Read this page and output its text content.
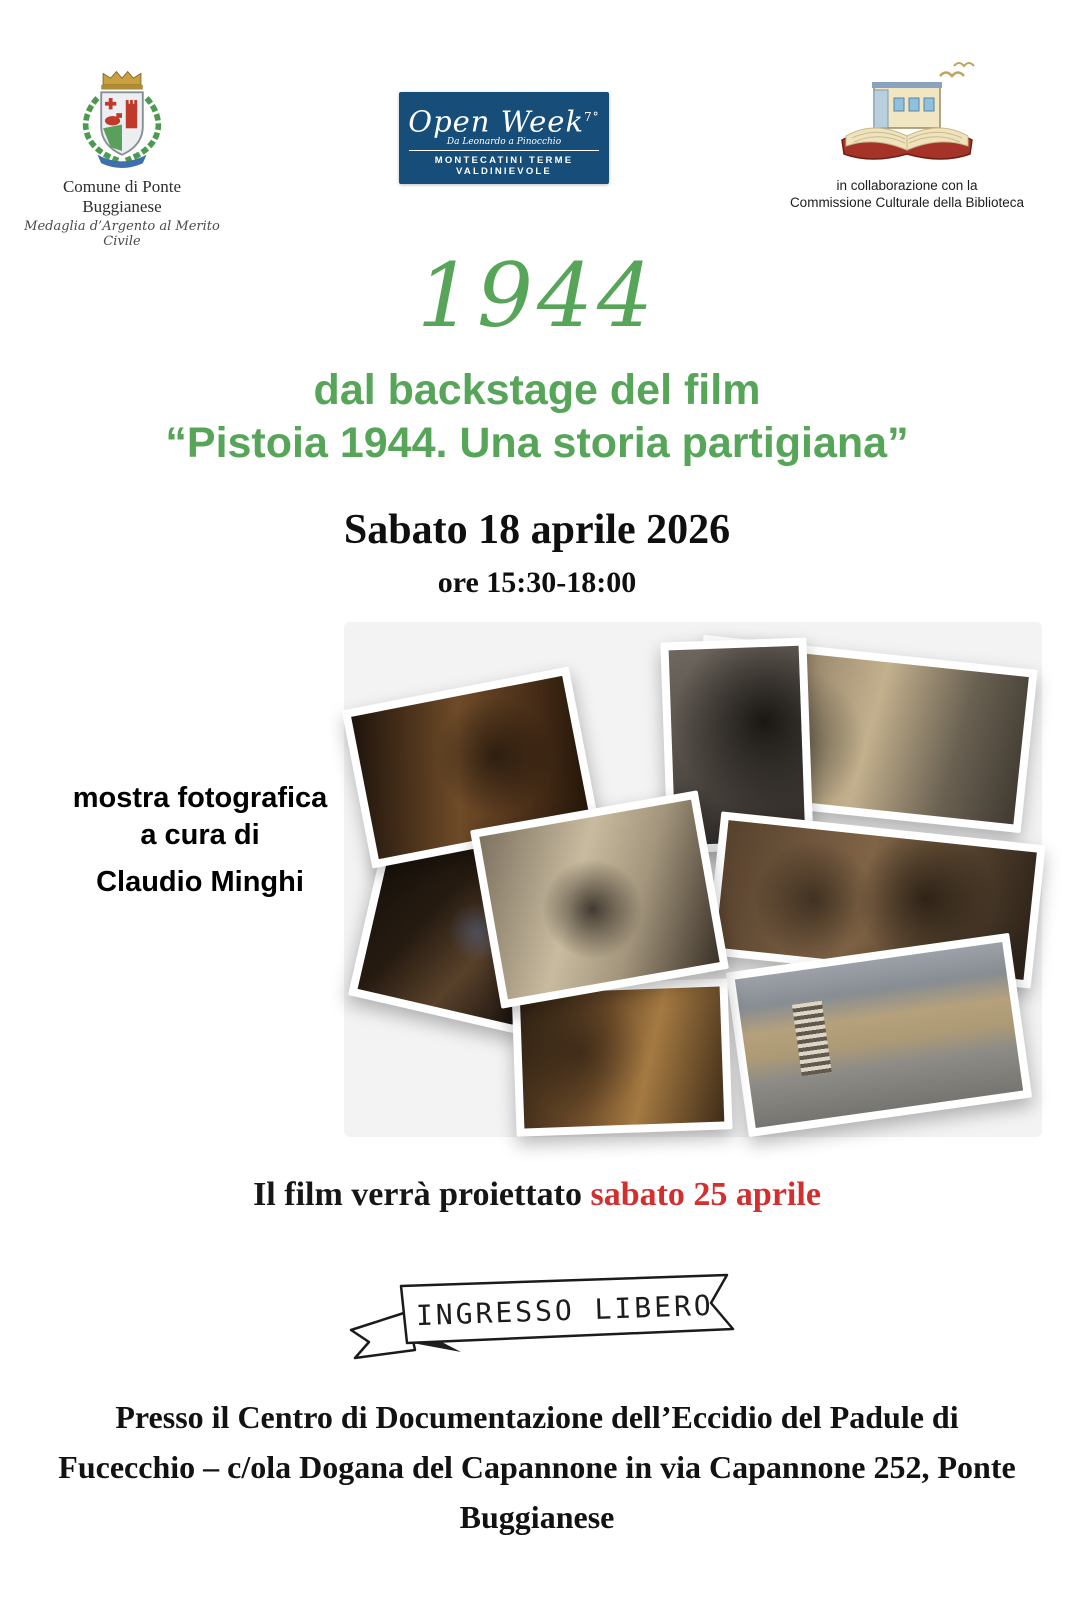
Comune di Ponte Buggianese
Medaglia d’Argento al Merito Civile
Open Week$^{7^\circ}$
Da Leonardo a Pinocchio
MONTECATINI TERME VALDINIEVOLE
in collaborazione con la
Commissione Culturale della Biblioteca
1944
dal backstage del film
“Pistoia 1944. Una storia partigiana”
Sabato 18 aprile 2026
ore 15:30-18:00
mostra fotografica
a cura di
Claudio Minghi
Il film verrà proiettato sabato 25 aprile
INGRESSO LIBERO
Presso il Centro di Documentazione dell’Eccidio del Padule di
Fucecchio – c/ola Dogana del Capannone in via Capannone 252, Ponte
Buggianese
